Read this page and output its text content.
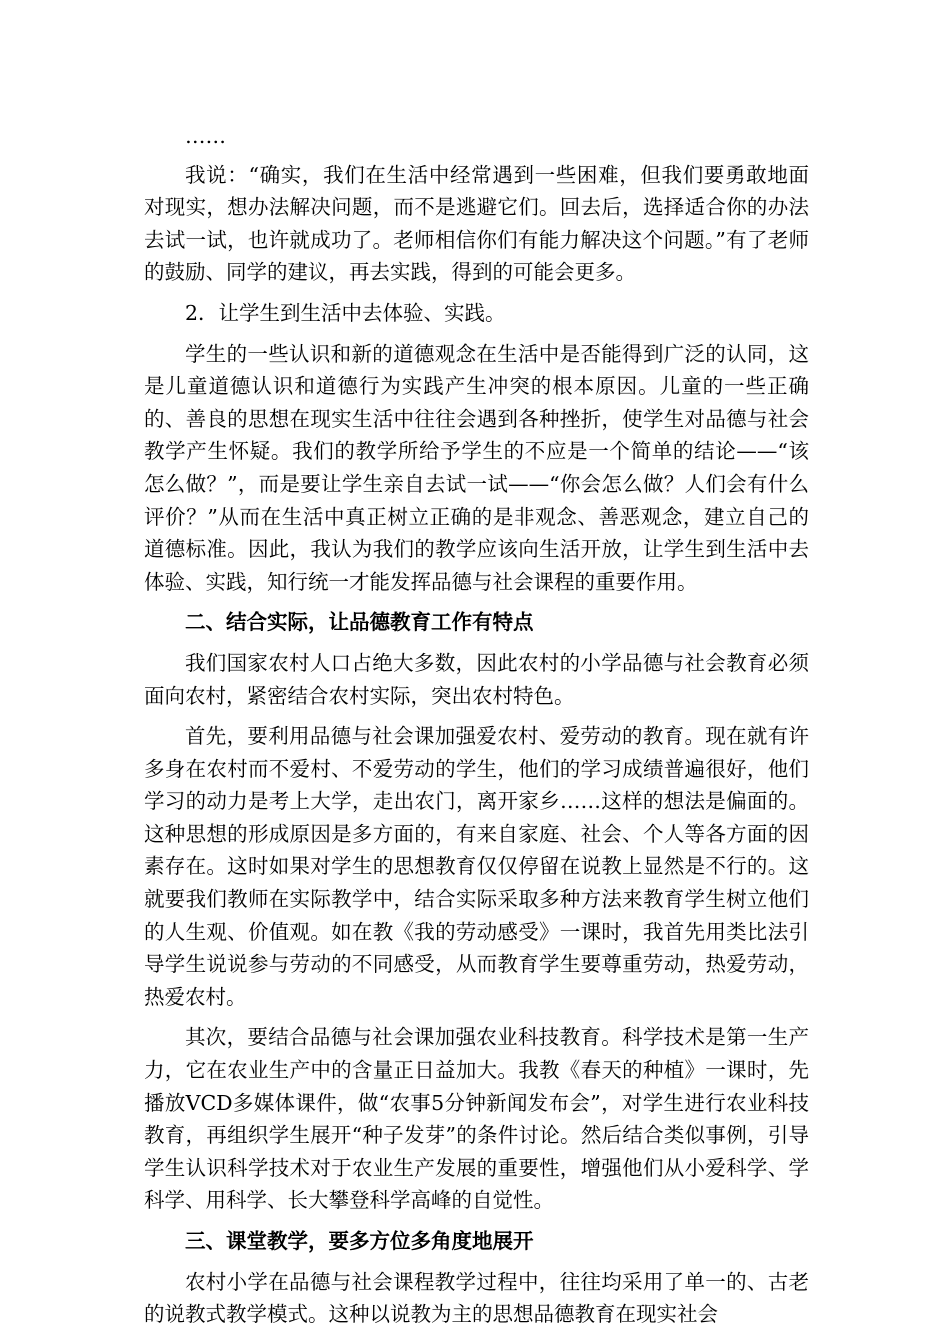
……

我说：“确实，我们在生活中经常遇到一些困难，但我们要勇敢地面对现实，想办法解决问题，而不是逃避它们。回去后，选择适合你的办法去试一试，也许就成功了。老师相信你们有能力解决这个问题。”有了老师的鼓励、同学的建议，再去实践，得到的可能会更多。

2．让学生到生活中去体验、实践。

学生的一些认识和新的道德观念在生活中是否能得到广泛的认同，这是儿童道德认识和道德行为实践产生冲突的根本原因。儿童的一些正确的、善良的思想在现实生活中往往会遇到各种挫折，使学生对品德与社会教学产生怀疑。我们的教学所给予学生的不应是一个简单的结论——“该怎么做？”，而是要让学生亲自去试一试——“你会怎么做？人们会有什么评价？”从而在生活中真正树立正确的是非观念、善恶观念，建立自己的道德标准。因此，我认为我们的教学应该向生活开放，让学生到生活中去体验、实践，知行统一才能发挥品德与社会课程的重要作用。

二、结合实际，让品德教育工作有特点

我们国家农村人口占绝大多数，因此农村的小学品德与社会教育必须面向农村，紧密结合农村实际，突出农村特色。

首先，要利用品德与社会课加强爱农村、爱劳动的教育。现在就有许多身在农村而不爱村、不爱劳动的学生，他们的学习成绩普遍很好，他们学习的动力是考上大学，走出农门，离开家乡……这样的想法是偏面的。这种思想的形成原因是多方面的，有来自家庭、社会、个人等各方面的因素存在。这时如果对学生的思想教育仅仅停留在说教上显然是不行的。这就要我们教师在实际教学中，结合实际采取多种方法来教育学生树立他们的人生观、价值观。如在教《我的劳动感受》一课时，我首先用类比法引导学生说说参与劳动的不同感受，从而教育学生要尊重劳动，热爱劳动，热爱农村。

其次，要结合品德与社会课加强农业科技教育。科学技术是第一生产力，它在农业生产中的含量正日益加大。我教《春天的种植》一课时，先播放VCD多媒体课件，做“农事5分钟新闻发布会”，对学生进行农业科技教育，再组织学生展开“种子发芽”的条件讨论。然后结合类似事例，引导学生认识科学技术对于农业生产发展的重要性，增强他们从小爱科学、学科学、用科学、长大攀登科学高峰的自觉性。

三、课堂教学，要多方位多角度地展开

农村小学在品德与社会课程教学过程中，往往均采用了单一的、古老的说教式教学模式。这种以说教为主的思想品德教育在现实社会
